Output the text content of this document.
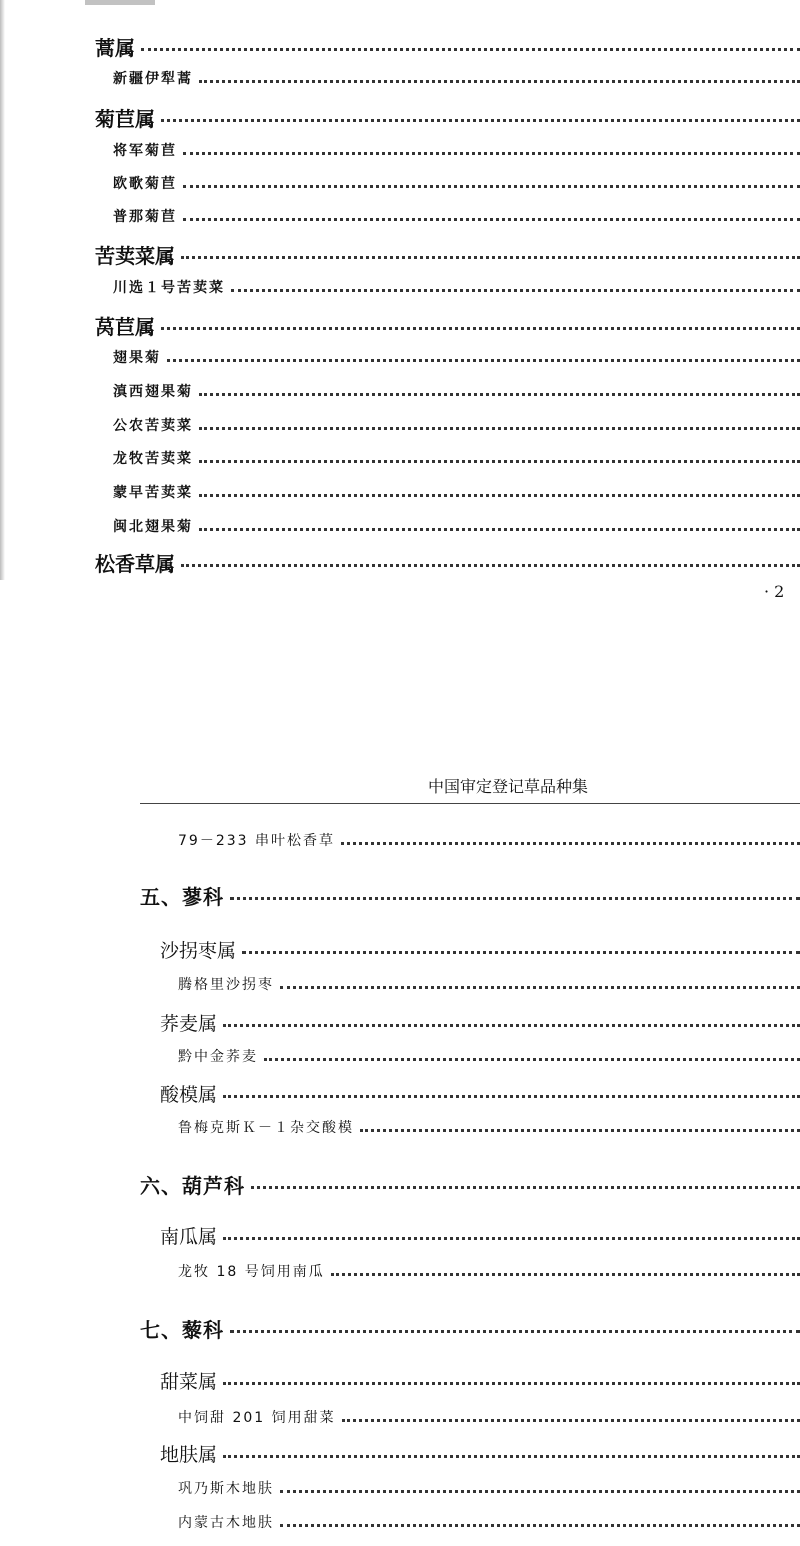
蒿属
新疆伊犁蒿
菊苣属
将军菊苣
欧歌菊苣
普那菊苣
苦荬菜属
川选１号苦荬菜
莴苣属
翅果菊
滇西翅果菊
公农苦荬菜
龙牧苦荬菜
蒙早苦荬菜
闽北翅果菊
松香草属
· 2
中国审定登记草品种集
79－233 串叶松香草
五、蓼科
沙拐枣属
腾格里沙拐枣
荞麦属
黔中金荞麦
酸模属
鲁梅克斯Ｋ－１杂交酸模
六、葫芦科
南瓜属
龙牧 18 号饲用南瓜
七、藜科
甜菜属
中饲甜 201 饲用甜菜
地肤属
巩乃斯木地肤
内蒙古木地肤
